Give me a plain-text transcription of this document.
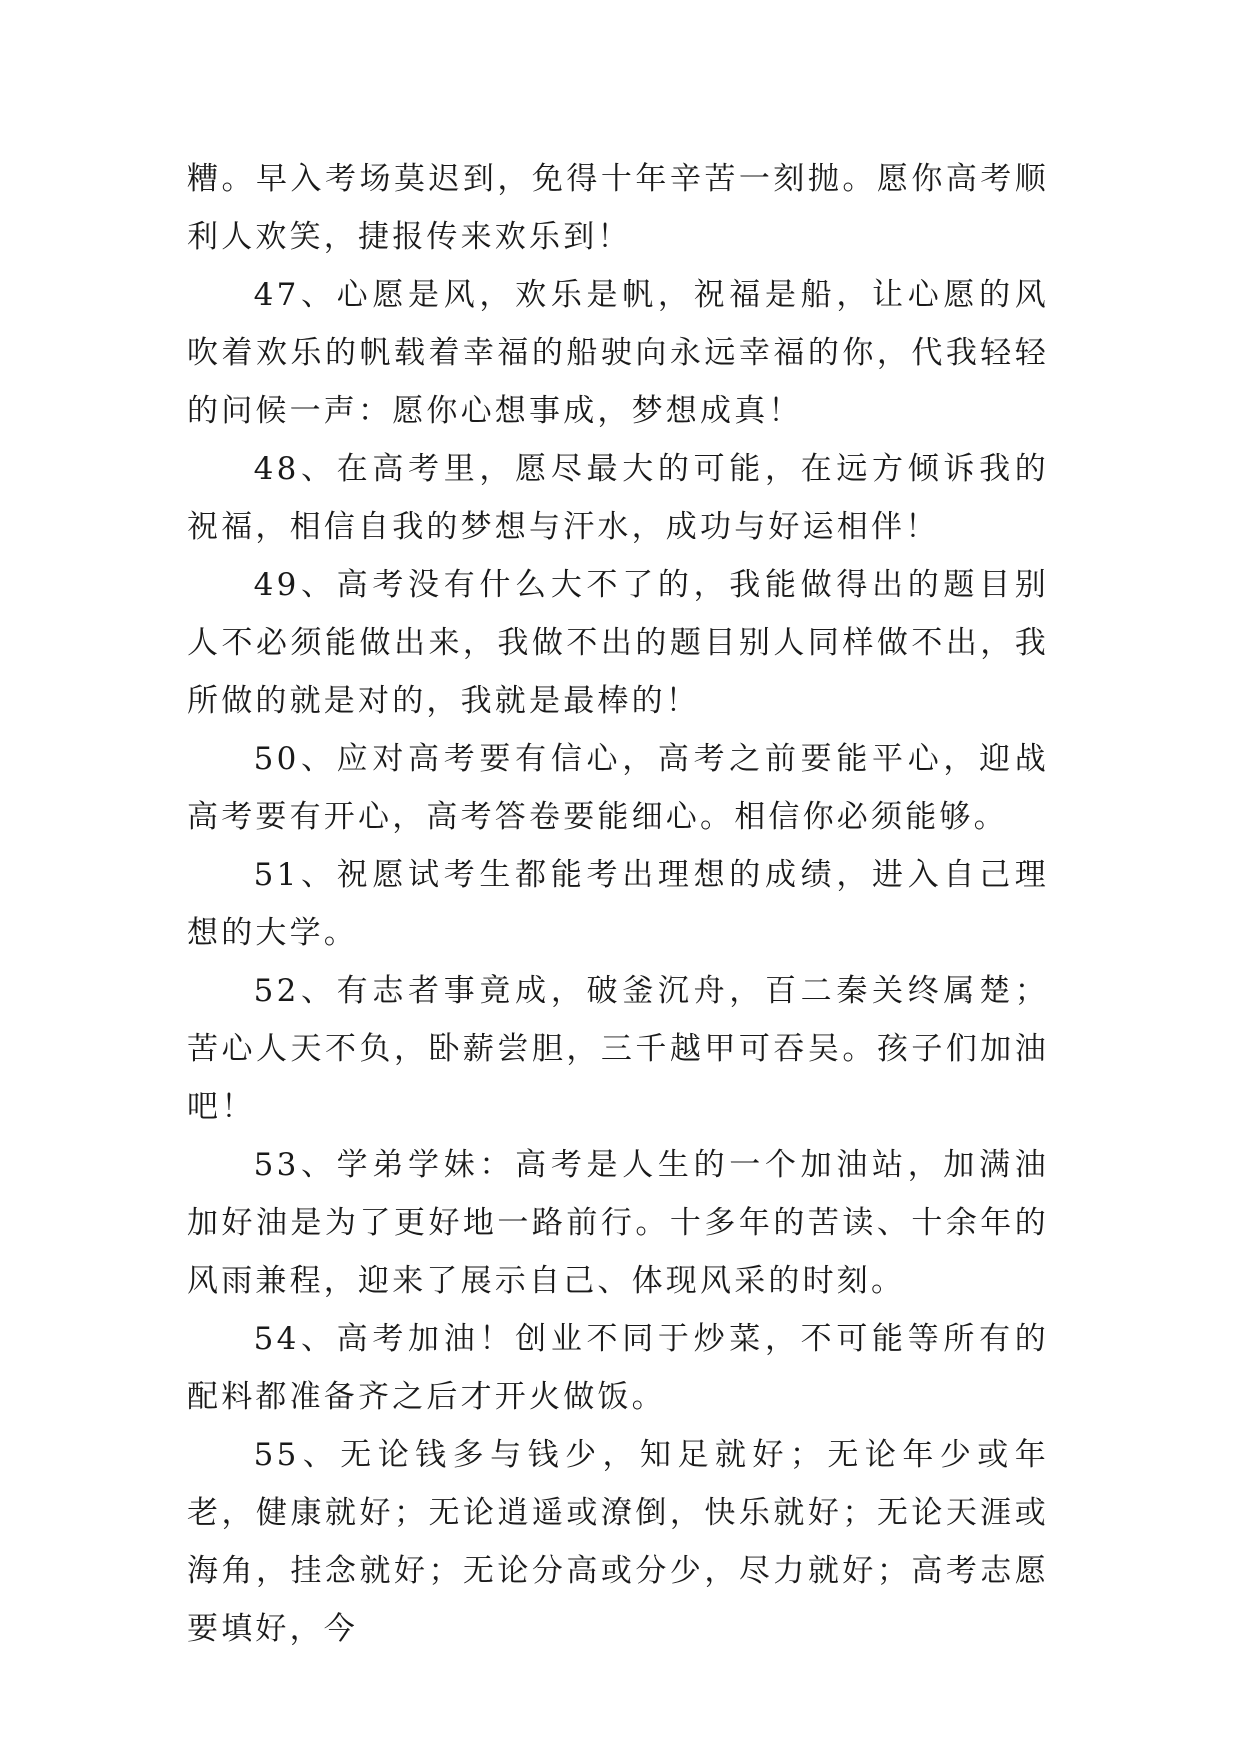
糟。早入考场莫迟到，免得十年辛苦一刻抛。愿你高考顺利人欢笑，捷报传来欢乐到！

47、心愿是风，欢乐是帆，祝福是船，让心愿的风吹着欢乐的帆载着幸福的船驶向永远幸福的你，代我轻轻的问候一声：愿你心想事成，梦想成真！

48、在高考里，愿尽最大的可能，在远方倾诉我的祝福，相信自我的梦想与汗水，成功与好运相伴！

49、高考没有什么大不了的，我能做得出的题目别人不必须能做出来，我做不出的题目别人同样做不出，我所做的就是对的，我就是最棒的！

50、应对高考要有信心，高考之前要能平心，迎战高考要有开心，高考答卷要能细心。相信你必须能够。

51、祝愿试考生都能考出理想的成绩，进入自己理想的大学。

52、有志者事竟成，破釜沉舟，百二秦关终属楚；苦心人天不负，卧薪尝胆，三千越甲可吞吴。孩子们加油吧！

53、学弟学妹：高考是人生的一个加油站，加满油加好油是为了更好地一路前行。十多年的苦读、十余年的风雨兼程，迎来了展示自己、体现风采的时刻。

54、高考加油！创业不同于炒菜，不可能等所有的配料都准备齐之后才开火做饭。

55、无论钱多与钱少，知足就好；无论年少或年老，健康就好；无论逍遥或潦倒，快乐就好；无论天涯或海角，挂念就好；无论分高或分少，尽力就好；高考志愿要填好，今
